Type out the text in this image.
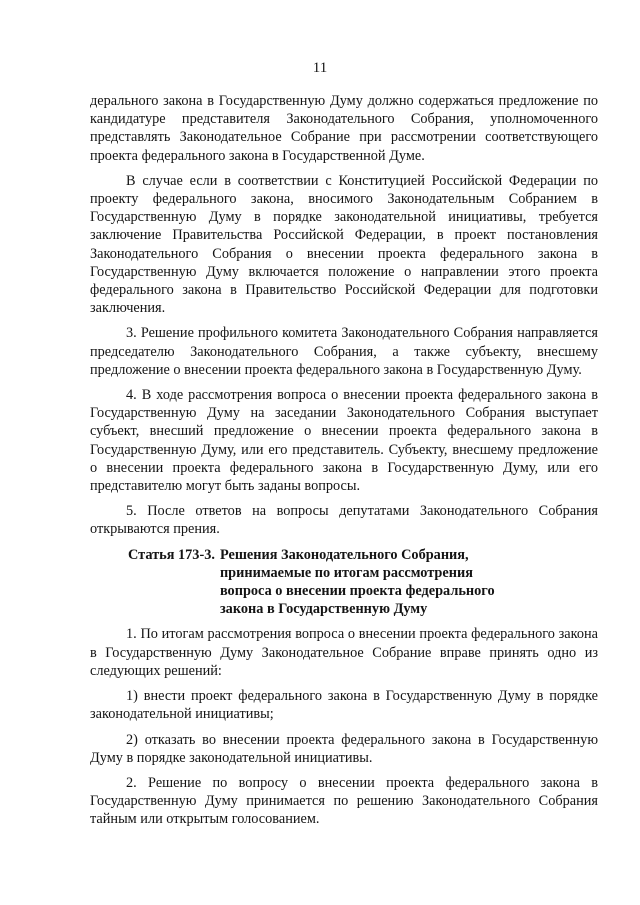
11

дерального закона в Государственную Думу должно содержаться предложение по кандидатуре представителя Законодательного Собрания, уполномоченного представлять Законодательное Собрание при рассмотрении соответствующего проекта федерального закона в Государственной Думе.

В случае если в соответствии с Конституцией Российской Федерации по проекту федерального закона, вносимого Законодательным Собранием в Государственную Думу в порядке законодательной инициативы, требуется заключение Правительства Российской Федерации, в проект постановления Законодательного Собрания о внесении проекта федерального закона в Государственную Думу включается положение о направлении этого проекта федерального закона в Правительство Российской Федерации для подготовки заключения.

3. Решение профильного комитета Законодательного Собрания направляется председателю Законодательного Собрания, а также субъекту, внесшему предложение о внесении проекта федерального закона в Государственную Думу.

4. В ходе рассмотрения вопроса о внесении проекта федерального закона в Государственную Думу на заседании Законодательного Собрания выступает субъект, внесший предложение о внесении проекта федерального закона в Государственную Думу, или его представитель. Субъекту, внесшему предложение о внесении проекта федерального закона в Государственную Думу, или его представителю могут быть заданы вопросы.

5. После ответов на вопросы депутатами Законодательного Собрания открываются прения.

Статья 173-3. Решения Законодательного Собрания, принимаемые по итогам рассмотрения вопроса о внесении проекта федерального закона в Государственную Думу

1. По итогам рассмотрения вопроса о внесении проекта федерального закона в Государственную Думу Законодательное Собрание вправе принять одно из следующих решений:

1) внести проект федерального закона в Государственную Думу в порядке законодательной инициативы;

2) отказать во внесении проекта федерального закона в Государственную Думу в порядке законодательной инициативы.

2. Решение по вопросу о внесении проекта федерального закона в Государственную Думу принимается по решению Законодательного Собрания тайным или открытым голосованием.
